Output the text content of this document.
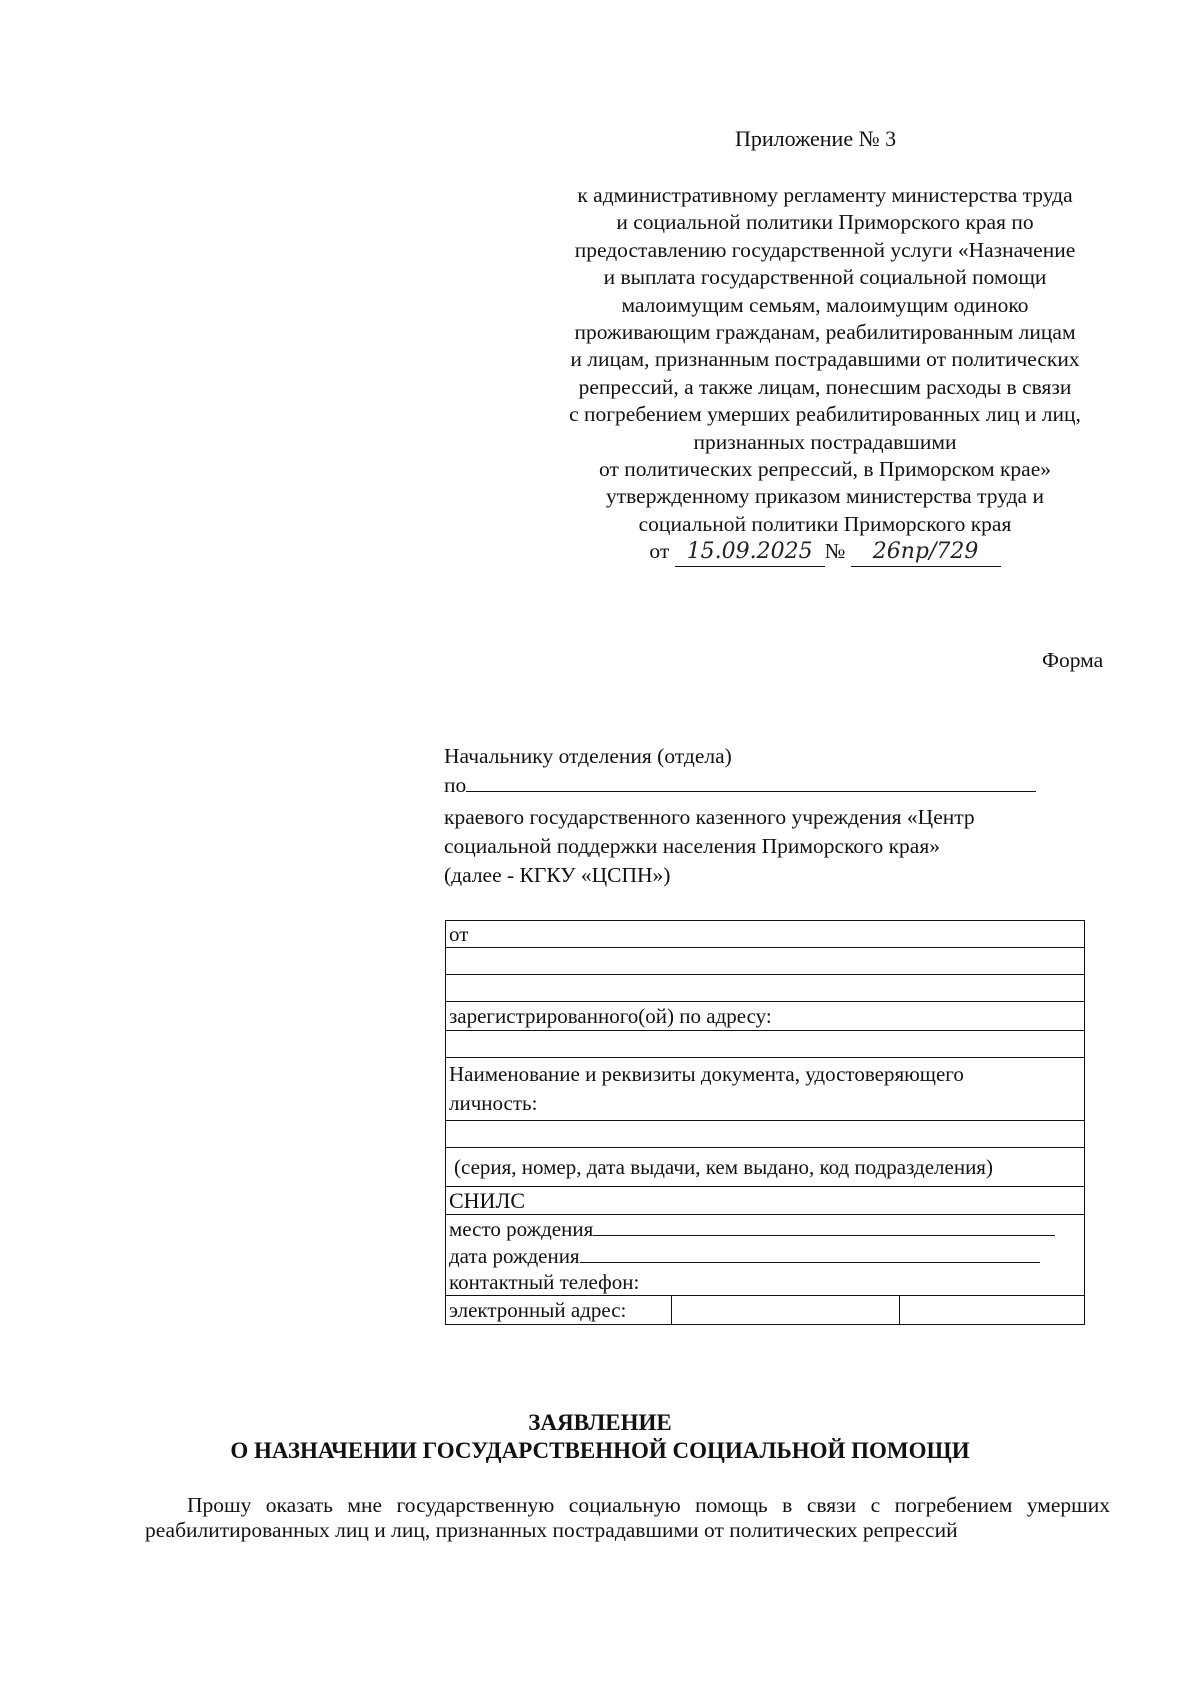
Приложение № 3
к административному регламенту министерства труда
и социальной политики Приморского края по
предоставлению государственной услуги «Назначение
и выплата государственной социальной помощи
малоимущим семьям, малоимущим одиноко
проживающим гражданам, реабилитированным лицам
и лицам, признанным пострадавшими от политических
репрессий, а также лицам, понесшим расходы в связи
с погребением умерших реабилитированных лиц и лиц,
признанных пострадавшими
от политических репрессий, в Приморском крае»
утвержденному приказом министерства труда и
социальной политики Приморского края
от 15.09.2025 № 26пр/729
Форма
Начальнику отделения (отдела)
по
краевого государственного казенного учреждения «Центр
социальной поддержки населения Приморского края»
(далее - КГКУ «ЦСПН»)
от
зарегистрированного(ой) по адресу:
Наименование и реквизиты документа, удостоверяющего
личность:
(серия, номер, дата выдачи, кем выдано, код подразделения)
СНИЛС
место рождения
дата рождения
контактный телефон:
электронный адрес:
ЗАЯВЛЕНИЕ
О НАЗНАЧЕНИИ ГОСУДАРСТВЕННОЙ СОЦИАЛЬНОЙ ПОМОЩИ
Прошу оказать мне государственную социальную помощь в связи с погребением умерших реабилитированных лиц и лиц, признанных пострадавшими от политических репрессий
